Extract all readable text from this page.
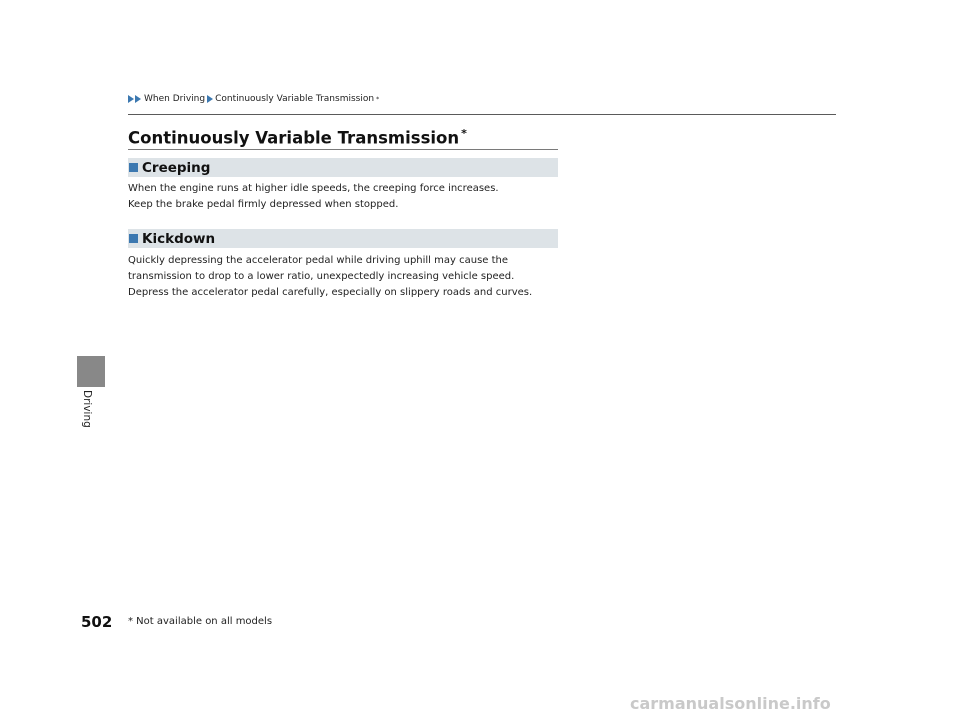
When Driving Continuously Variable Transmission *
Continuously Variable Transmission *
Creeping
When the engine runs at higher idle speeds, the creeping force increases.
Keep the brake pedal firmly depressed when stopped.
Kickdown
Quickly depressing the accelerator pedal while driving uphill may cause the
transmission to drop to a lower ratio, unexpectedly increasing vehicle speed.
Depress the accelerator pedal carefully, especially on slippery roads and curves.
Driving
502 * Not available on all models
carmanualsonline.info
